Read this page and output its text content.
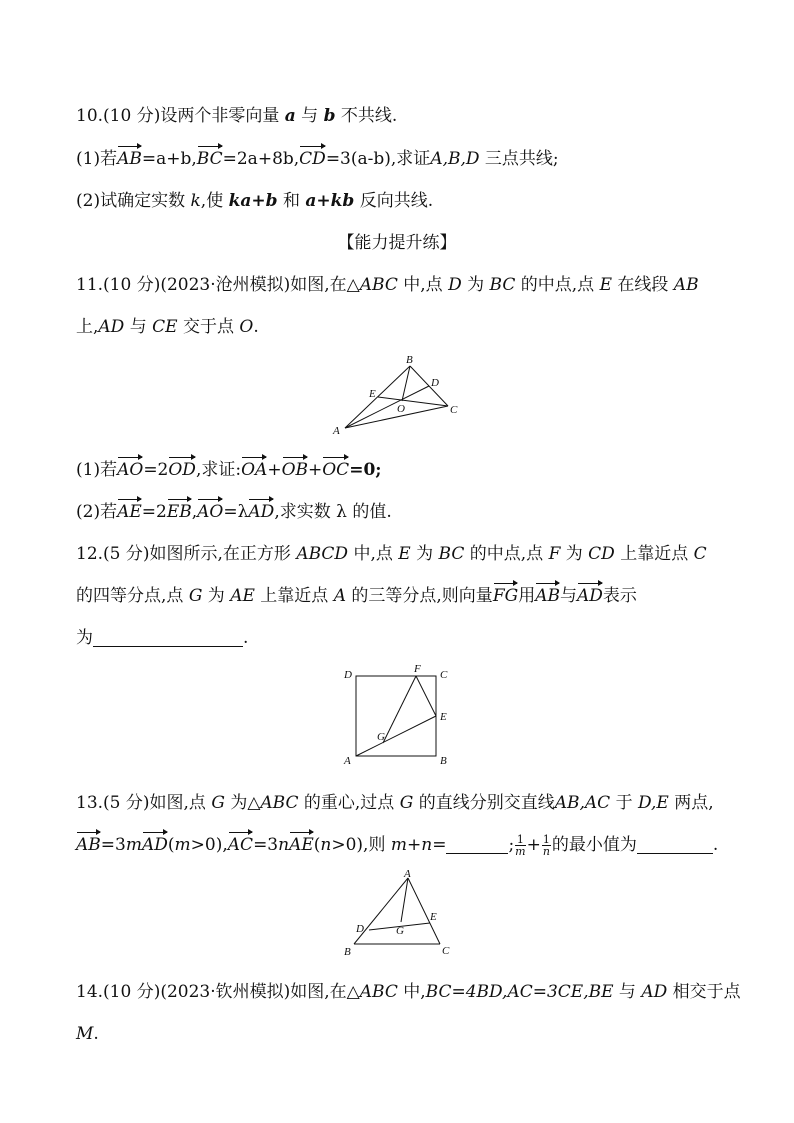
10.(10 分)设两个非零向量 a 与 b 不共线.
(1)若AB=a+b,BC=2a+8b,CD=3(a-b),求证A,B,D 三点共线;
(2)试确定实数 k,使 ka+b 和 a+kb 反向共线.
【能力提升练】
11.(10 分)(2023·沧州模拟)如图,在△ABC 中,点 D 为 BC 的中点,点 E 在线段 AB
上,AD 与 CE 交于点 O.
A
B
C
D
E
O
(1)若AO=2OD,求证:OA+OB+OC=0;
(2)若AE=2EB,AO=λAD,求实数 λ 的值.
12.(5 分)如图所示,在正方形 ABCD 中,点 E 为 BC 的中点,点 F 为 CD 上靠近点 C
的四等分点,点 G 为 AE 上靠近点 A 的三等分点,则向量FG用AB与AD表示
为	.
D	F C
E
G
A	B
13.(5 分)如图,点 G 为△ABC 的重心,过点 G 的直线分别交直线AB,AC 于 D,E 两点,
AB=3mAD(m>0),AC=3nAE(n>0),则 m+n=	; $\frac{1}{m} + \frac{1}{n}$ 的最小值为	.
A
D
E
G
B	C
14.(10 分)(2023·钦州模拟)如图,在△ABC 中,BC=4BD,AC=3CE,BE 与 AD 相交于点
M.
